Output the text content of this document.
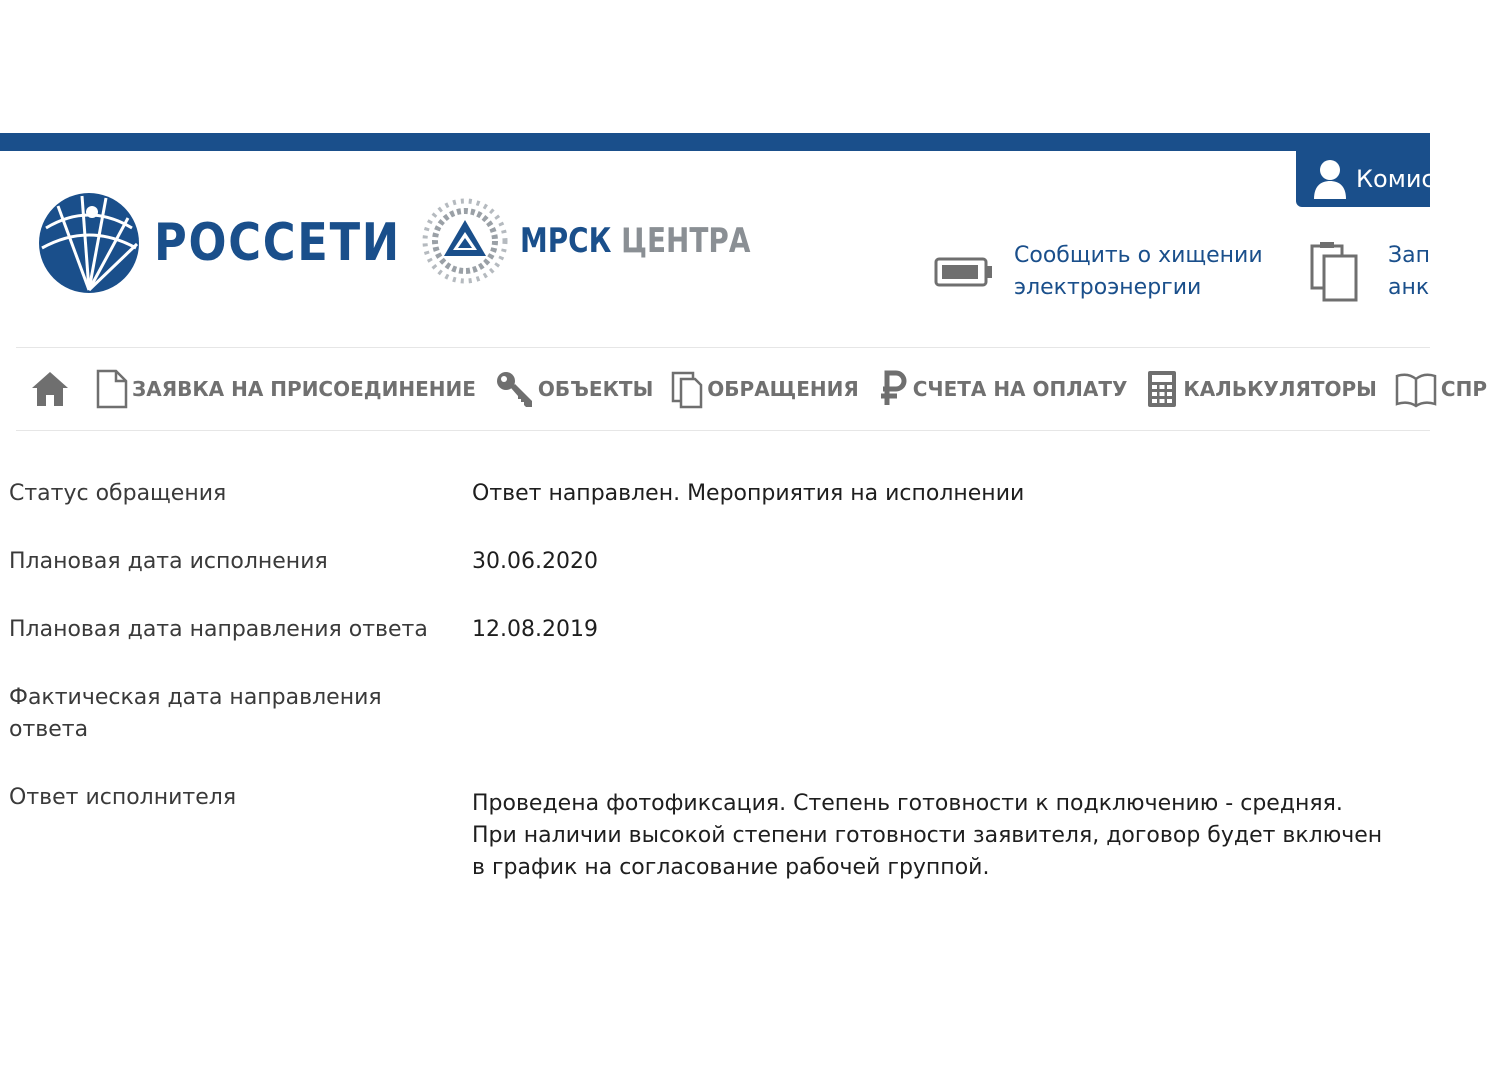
Комис
РОССЕТИ	МРСК ЦЕНТРА	Сообщить о хищении
электроэнергии
Зап
анк
ЗАЯВКА НА ПРИСОЕДИНЕНИЕ	ОБЪЕКТЫ	ОБРАЩЕНИЯ	СЧЕТА НА ОПЛАТУ	КАЛЬКУЛЯТОРЫ	СПР
Статус обращения	Ответ направлен. Мероприятия на исполнении
Плановая дата исполнения	30.06.2020
Плановая дата направления ответа	12.08.2019
Фактическая дата направления ответа
Ответ исполнителя	Проведена фотофиксация. Степень готовности к подключению - средняя. При наличии высокой степени готовности заявителя, договор будет включен в график на согласование рабочей группой.
